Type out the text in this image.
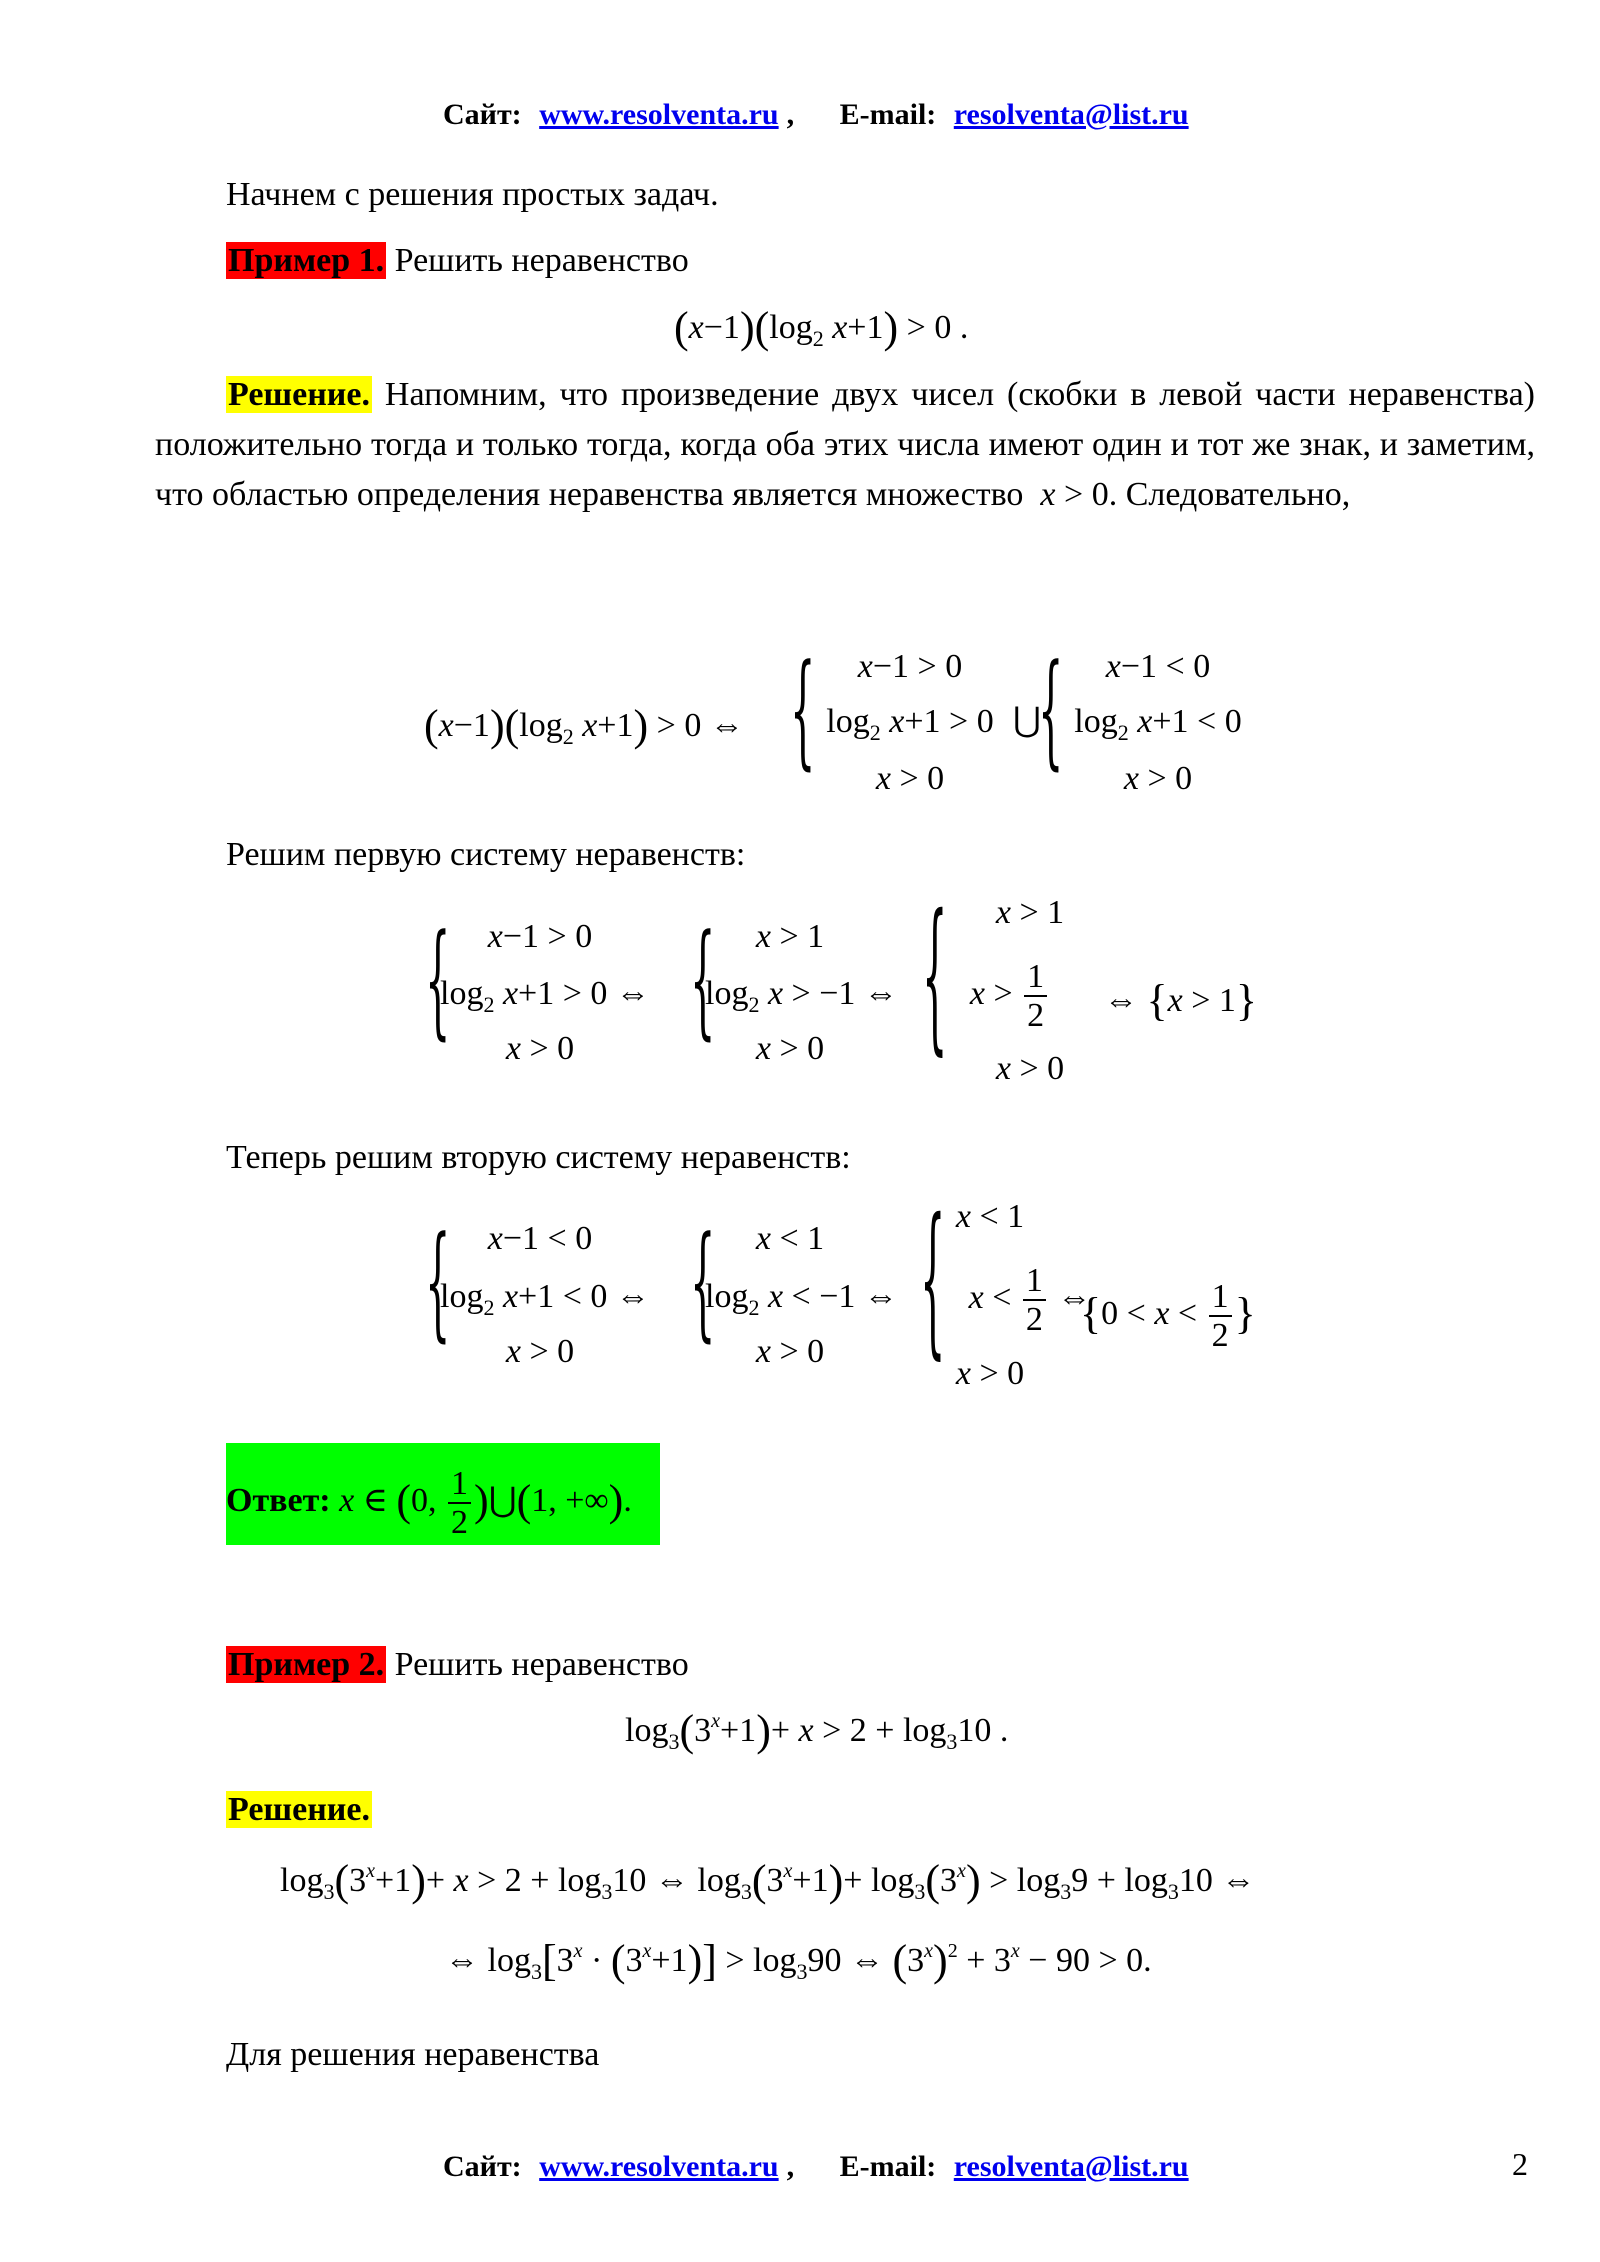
Сайт: www.resolventa.ru , E-mail: resolventa@list.ru
Начнем с решения простых задач.
Пример 1. Решить неравенство
$(x-1)(\log_2$ x+1) > 0 .
Решение. Напомним, что произведение двух чисел (скобки в левой части неравенства) положительно тогда и только тогда, когда оба этих числа имеют один и тот же знак, и заметим, что областью определения неравенства является множество x > 0. Следовательно,
$(x-1)(\log_2$ x+1) > 0 ⇔ {	x−1 > 0
$\log_2 x+1 > 0$
x > 0
⋃
{	x−1 < 0
$\log_2 x+1 < 0$
x > 0
Решим первую систему неравенств:
{	x−1 > 0
$\log_2 x+1 > 0$ ⇔
x > 0	{	x > 1
$\log_2 x > -1$ ⇔
x > 0	{	x > 1
$x > \frac{1}{2}$
x > 0
⇔ {x > 1}
Теперь решим вторую систему неравенств:
{	x−1 < 0
$\log_2 x+1 < 0$ ⇔
x > 0	{	x < 1
$\log_2 x < -1$ ⇔
x > 0	{ x < 1
$x < \frac{1}{2}$ ⇔
x > 0
{$0 < x < \frac{1}{2}$ }
Ответ: x ∈ (0, $\frac{1}{2}$ )⋃(1, +∞).
Пример 2. Решить неравенство
$\log_3(3^x+1)+ x > 2 + \log_310$ .
Решение.
$\log_3(3^x+1)+ x > 2 + \log_310$ ⇔ $\log_3(3^x+1)+ \log_3(3^x) > \log_39 + \log_310$ ⇔
⇔ $\log_3[3^x \cdot (3^x+1)] > \log_390$ ⇔ $(3^x)^2 + 3^x - 90 > 0$.
Для решения неравенства
Сайт: www.resolventa.ru , E-mail: resolventa@list.ru	2
